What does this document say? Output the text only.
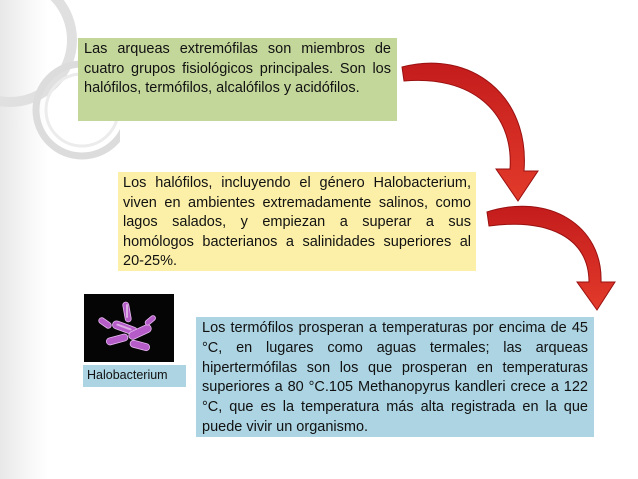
Las arqueas extremófilas son miembros de cuatro grupos fisiológicos principales. Son los halófilos, termófilos, alcalófilos y acidófilos.
Los halófilos, incluyendo el género Halobacterium, viven en ambientes extremadamente salinos, como lagos salados, y empiezan a superar a sus homólogos bacterianos a salinidades superiores al 20-25%.
Los termófilos prosperan a temperaturas por encima de 45 °C, en lugares como aguas termales; las arqueas hipertermófilas son los que prosperan en temperaturas superiores a 80 °C.105 Methanopyrus kandleri crece a 122 °C, que es la temperatura más alta registrada en la que puede vivir un organismo.
Halobacterium
